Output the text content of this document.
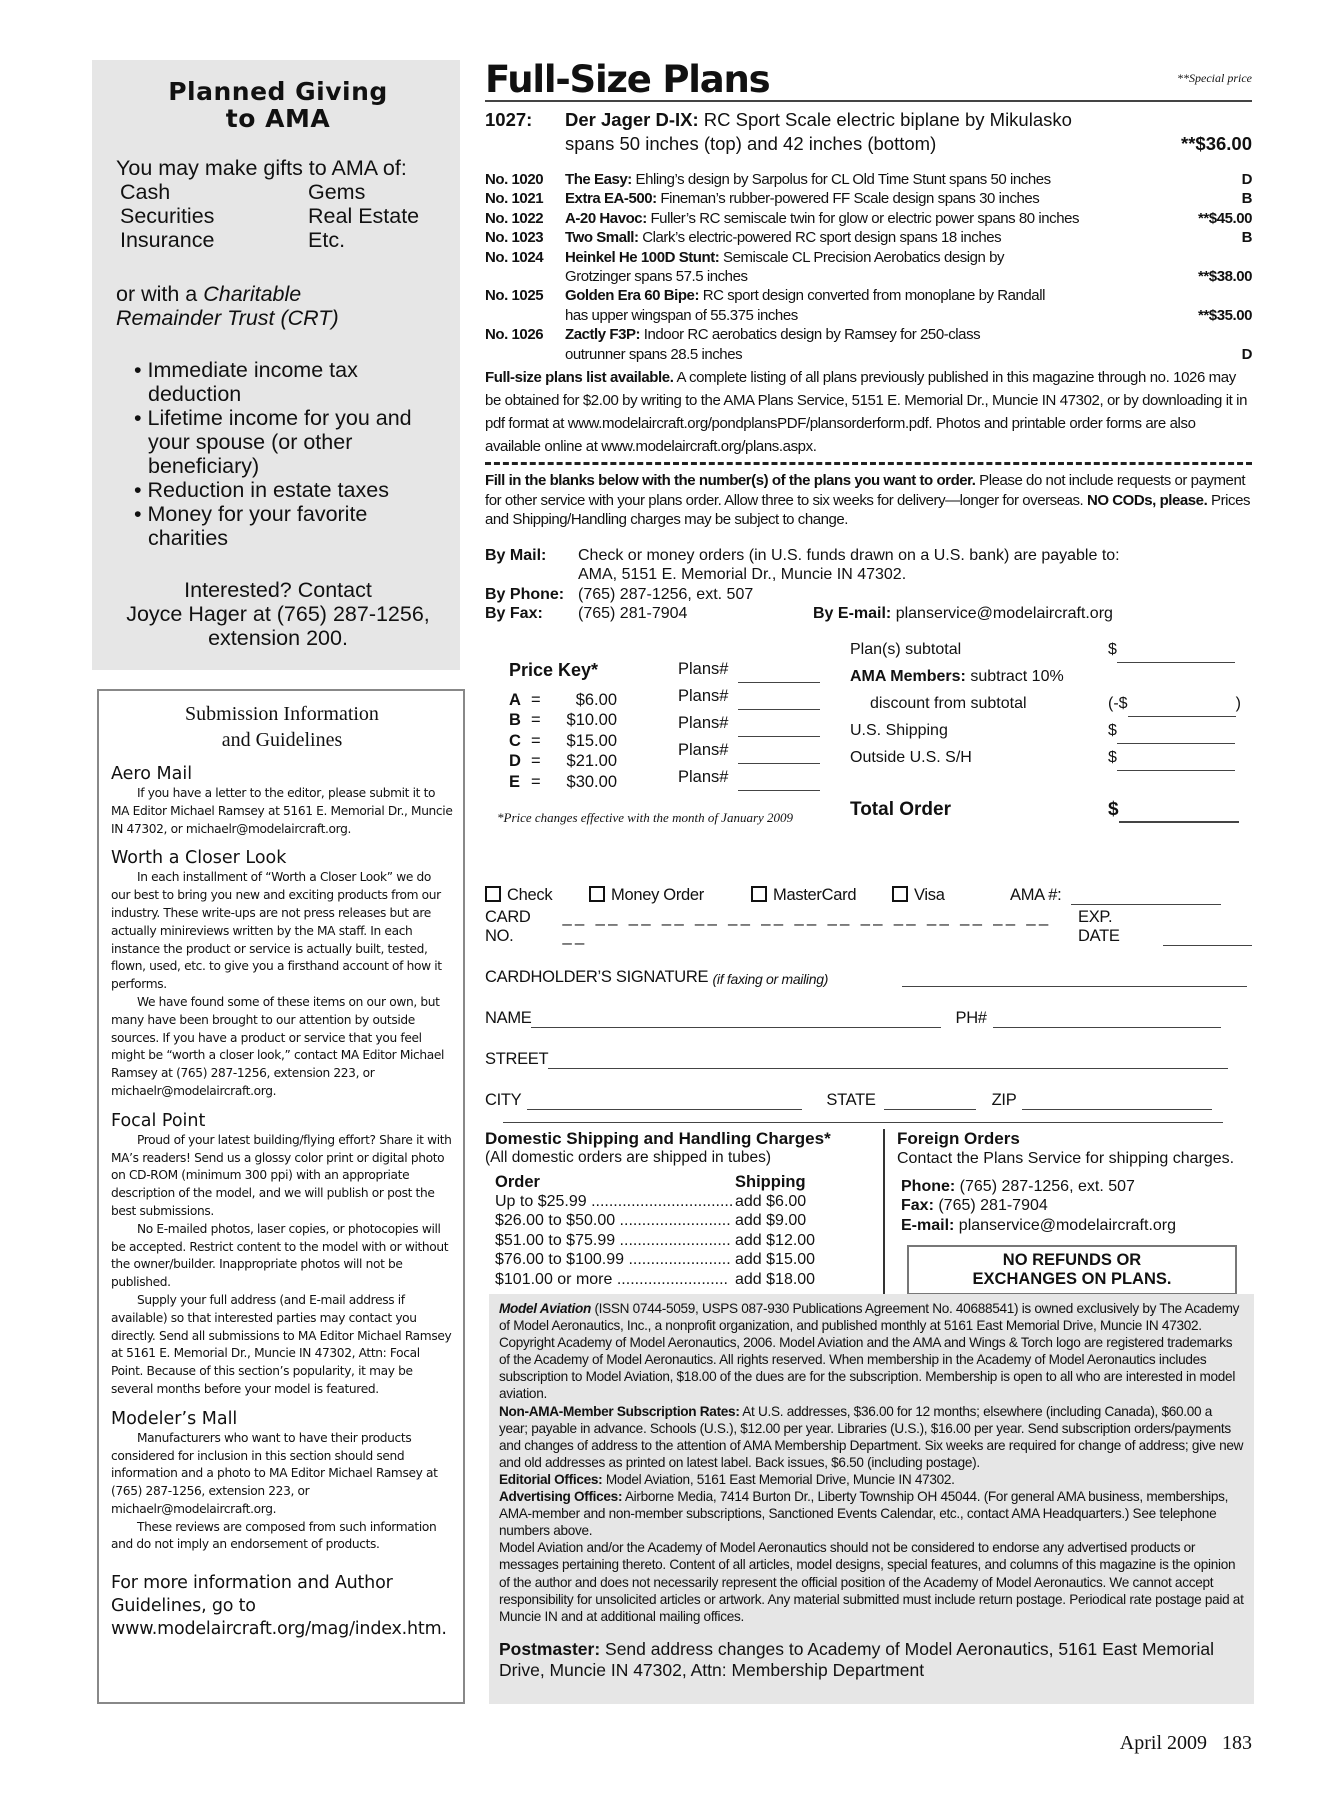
Planned Giving
to AMA
You may make gifts to AMA of:
Cash	Gems
Securities	Real Estate
Insurance	Etc.
or with a Charitable
Remainder Trust (CRT)
• Immediate income tax deduction
• Lifetime income for you and your spouse (or other beneficiary)
• Reduction in estate taxes
• Money for your favorite charities
Interested? Contact
Joyce Hager at (765) 287-1256,
extension 200.
Submission Information
and Guidelines
Aero Mail

If you have a letter to the editor, please submit it to MA Editor Michael Ramsey at 5161 E. Memorial Dr., Muncie IN 47302, or michaelr@modelaircraft.org.

Worth a Closer Look

In each installment of “Worth a Closer Look” we do our best to bring you new and exciting products from our industry. These write-ups are not press releases but are actually minireviews written by the MA staff. In each instance the product or service is actually built, tested, flown, used, etc. to give you a firsthand account of how it performs.

We have found some of these items on our own, but many have been brought to our attention by outside sources. If you have a product or service that you feel might be “worth a closer look,” contact MA Editor Michael Ramsey at (765) 287-1256, extension 223, or michaelr@modelaircraft.org.

Focal Point

Proud of your latest building/flying effort? Share it with MA’s readers! Send us a glossy color print or digital photo on CD-ROM (minimum 300 ppi) with an appropriate description of the model, and we will publish or post the best submissions.

No E-mailed photos, laser copies, or photocopies will be accepted. Restrict content to the model with or without the owner/builder. Inappropriate photos will not be published.

Supply your full address (and E-mail address if available) so that interested parties may contact you directly. Send all submissions to MA Editor Michael Ramsey at 5161 E. Memorial Dr., Muncie IN 47302, Attn: Focal Point. Because of this section’s popularity, it may be several months before your model is featured.

Modeler’s Mall

Manufacturers who want to have their products considered for inclusion in this section should send information and a photo to MA Editor Michael Ramsey at (765) 287-1256, extension 223, or michaelr@modelaircraft.org.

These reviews are composed from such information and do not imply an endorsement of products.

For more information and Author Guidelines, go to www.modelaircraft.org/mag/index.htm.

Full-Size Plans	**Special price
1027:	Der Jager D-IX: RC Sport Scale electric biplane by Mikulasko
spans 50 inches (top) and 42 inches (bottom)	**$36.00
No. 1020	The Easy: Ehling’s design by Sarpolus for CL Old Time Stunt spans 50 inches	D
No. 1021	Extra EA-500: Fineman’s rubber-powered FF Scale design spans 30 inches	B
No. 1022	A-20 Havoc: Fuller’s RC semiscale twin for glow or electric power spans 80 inches	**$45.00
No. 1023	Two Small: Clark’s electric-powered RC sport design spans 18 inches	B
No. 1024	Heinkel He 100D Stunt: Semiscale CL Precision Aerobatics design by
Grotzinger spans 57.5 inches	**$38.00
No. 1025	Golden Era 60 Bipe: RC sport design converted from monoplane by Randall
has upper wingspan of 55.375 inches	**$35.00
No. 1026	Zactly F3P: Indoor RC aerobatics design by Ramsey for 250-class
outrunner spans 28.5 inches	D
Full-size plans list available. A complete listing of all plans previously published in this magazine through no. 1026 may be obtained for $2.00 by writing to the AMA Plans Service, 5151 E. Memorial Dr., Muncie IN 47302, or by downloading it in pdf format at www.modelaircraft.org/pondplansPDF/plansorderform.pdf. Photos and printable order forms are also available online at www.modelaircraft.org/plans.aspx.
Fill in the blanks below with the number(s) of the plans you want to order. Please do not include requests or payment for other service with your plans order. Allow three to six weeks for delivery—longer for overseas. NO CODs, please. Prices and Shipping/Handling charges may be subject to change.
By Mail:	Check or money orders (in U.S. funds drawn on a U.S. bank) are payable to:
AMA, 5151 E. Memorial Dr., Muncie IN 47302.
By Phone: (765) 287-1256, ext. 507
By Fax:	(765) 281-7904	By E-mail: planservice@modelaircraft.org
Price Key*
A = $6.00
B = $10.00
C = $15.00
D = $21.00
E = $30.00
Plans#
Plans#
Plans#
Plans#
Plans#
*Price changes effective with the month of January 2009
Plan(s) subtotal	$
AMA Members: subtract 10%
discount from subtotal	(-$	)
U.S. Shipping	$
Outside U.S. S/H	$
Total Order	$
Check	Money Order	MasterCard	Visa	AMA #:
CARD NO.
__ __ __ __ __ __ __ __ __ __ __ __ __ __ __ __
EXP. DATE
CARDHOLDER’S SIGNATURE
(if faxing or mailing)
NAME	PH#
STREET
CITY	STATE	ZIP
Domestic Shipping and Handling Charges*
(All domestic orders are shipped in tubes)
Order	Shipping
Up to $25.99 ................................ add $6.00
$26.00 to $50.00 ......................... add $9.00
$51.00 to $75.99 ......................... add $12.00
$76.00 to $100.99 ....................... add $15.00
$101.00 or more ......................... add $18.00
Foreign Orders
Contact the Plans Service for shipping charges.
Phone: (765) 287-1256, ext. 507
Fax: (765) 281-7904
E-mail: planservice@modelaircraft.org
NO REFUNDS OR
EXCHANGES ON PLANS.
Model Aviation (ISSN 0744-5059, USPS 087-930 Publications Agreement No. 40688541) is owned exclusively by The Academy of Model Aeronautics, Inc., a nonprofit organization, and published monthly at 5161 East Memorial Drive, Muncie IN 47302. Copyright Academy of Model Aeronautics, 2006. Model Aviation and the AMA and Wings & Torch logo are registered trademarks of the Academy of Model Aeronautics. All rights reserved. When membership in the Academy of Model Aeronautics includes subscription to Model Aviation, $18.00 of the dues are for the subscription. Membership is open to all who are interested in model aviation.
Non-AMA-Member Subscription Rates: At U.S. addresses, $36.00 for 12 months; elsewhere (including Canada), $60.00 a year; payable in advance. Schools (U.S.), $12.00 per year. Libraries (U.S.), $16.00 per year. Send subscription orders/payments and changes of address to the attention of AMA Membership Department. Six weeks are required for change of address; give new and old addresses as printed on latest label. Back issues, $6.50 (including postage).
Editorial Offices: Model Aviation, 5161 East Memorial Drive, Muncie IN 47302.
Advertising Offices: Airborne Media, 7414 Burton Dr., Liberty Township OH 45044. (For general AMA business, memberships, AMA-member and non-member subscriptions, Sanctioned Events Calendar, etc., contact AMA Headquarters.) See telephone numbers above.
Model Aviation and/or the Academy of Model Aeronautics should not be considered to endorse any advertised products or messages pertaining thereto. Content of all articles, model designs, special features, and columns of this magazine is the opinion of the author and does not necessarily represent the official position of the Academy of Model Aeronautics. We cannot accept responsibility for unsolicited articles or artwork. Any material submitted must include return postage. Periodical rate postage paid at Muncie IN and at additional mailing offices.
Postmaster: Send address changes to Academy of Model Aeronautics, 5161 East Memorial Drive, Muncie IN 47302, Attn: Membership Department
April 2009 183
